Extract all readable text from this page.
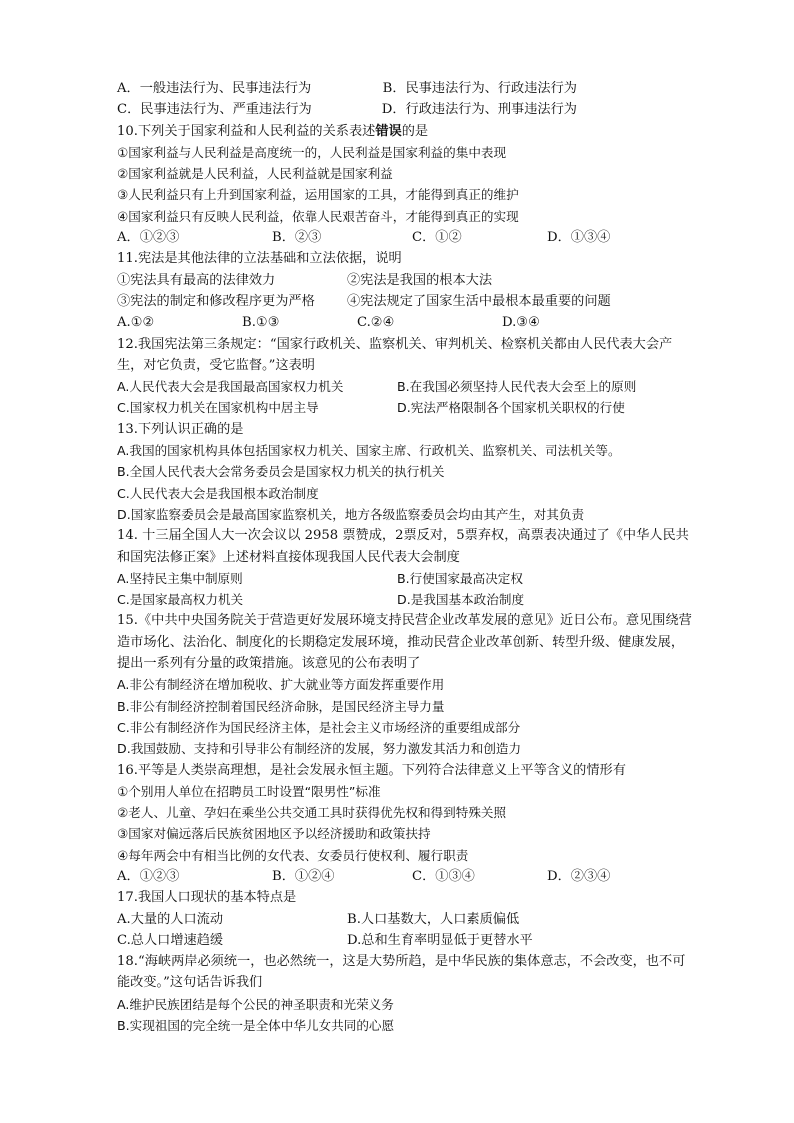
A．一般违法行为、民事违法行为	B．民事违法行为、行政违法行为
C．民事违法行为、严重违法行为	D．行政违法行为、刑事违法行为
10.下列关于国家利益和人民利益的关系表述错误的是
①国家利益与人民利益是高度统一的，人民利益是国家利益的集中表现
②国家利益就是人民利益，人民利益就是国家利益
③人民利益只有上升到国家利益，运用国家的工具，才能得到真正的维护
④国家利益只有反映人民利益，依靠人民艰苦奋斗，才能得到真正的实现
A．①②③	B．②③	C．①②	D．①③④
11.宪法是其他法律的立法基础和立法依据，说明
①宪法具有最高的法律效力	②宪法是我国的根本大法
③宪法的制定和修改程序更为严格	④宪法规定了国家生活中最根本最重要的问题
A.①②	B.①③	C.②④	D.③④
12.我国宪法第三条规定：“国家行政机关、监察机关、审判机关、检察机关都由人民代表大会产生，对它负责，受它监督。”这表明
A.人民代表大会是我国最高国家权力机关	B.在我国必须坚持人民代表大会至上的原则
C.国家权力机关在国家机构中居主导	D.宪法严格限制各个国家机关职权的行使
13.下列认识正确的是
A.我国的国家机构具体包括国家权力机关、国家主席、行政机关、监察机关、司法机关等。
B.全国人民代表大会常务委员会是国家权力机关的执行机关
C.人民代表大会是我国根本政治制度
D.国家监察委员会是最高国家监察机关，地方各级监察委员会均由其产生，对其负责
14. 十三届全国人大一次会议以 2958 票赞成，2票反对，5票弃权，高票表决通过了《中华人民共和国宪法修正案》上述材料直接体现我国人民代表大会制度
A.坚持民主集中制原则	B.行使国家最高决定权
C.是国家最高权力机关	D.是我国基本政治制度
15.《中共中央国务院关于营造更好发展环境支持民营企业改革发展的意见》近日公布。意见围绕营造市场化、法治化、制度化的长期稳定发展环境，推动民营企业改革创新、转型升级、健康发展，提出一系列有分量的政策措施。该意见的公布表明了
A.非公有制经济在增加税收、扩大就业等方面发挥重要作用
B.非公有制经济控制着国民经济命脉，是国民经济主导力量
C.非公有制经济作为国民经济主体，是社会主义市场经济的重要组成部分
D.我国鼓励、支持和引导非公有制经济的发展，努力激发其活力和创造力
16.平等是人类崇高理想，是社会发展永恒主题。下列符合法律意义上平等含义的情形有
①个别用人单位在招聘员工时设置“限男性”标准
②老人、儿童、孕妇在乘坐公共交通工具时获得优先权和得到特殊关照
③国家对偏远落后民族贫困地区予以经济援助和政策扶持
④每年两会中有相当比例的女代表、女委员行使权利、履行职责
A．①②③	B．①②④	C．①③④	D．②③④
17.我国人口现状的基本特点是
A.大量的人口流动	B.人口基数大，人口素质偏低
C.总人口增速趋缓	D.总和生育率明显低于更替水平
18.“海峡两岸必须统一，也必然统一，这是大势所趋，是中华民族的集体意志，不会改变，也不可能改变。”这句话告诉我们
A.维护民族团结是每个公民的神圣职责和光荣义务
B.实现祖国的完全统一是全体中华儿女共同的心愿
